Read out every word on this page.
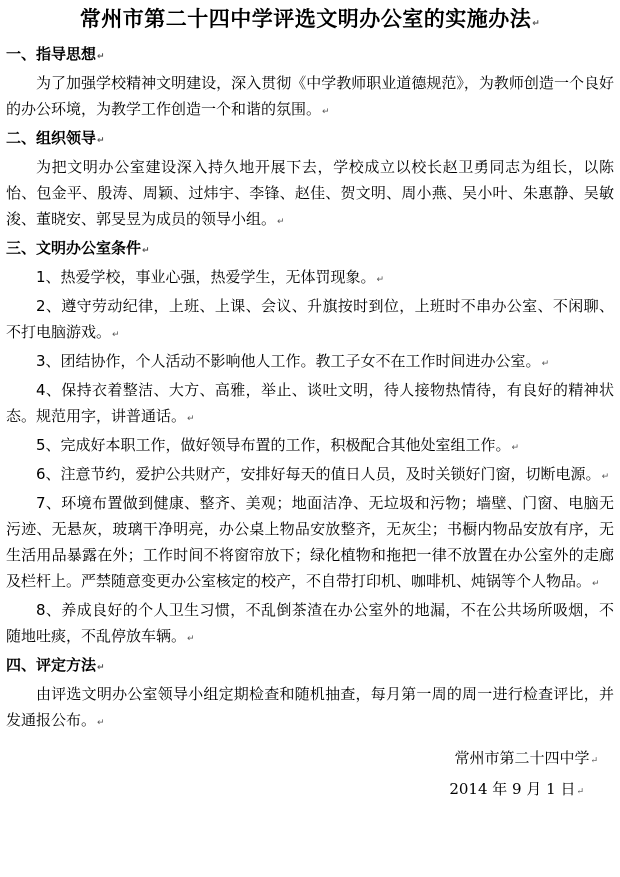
常州市第二十四中学评选文明办公室的实施办法 ↵

一、指导思想 ↵

为了加强学校精神文明建设，深入贯彻《中学教师职业道德规范》，为教师创造一个良好的办公环境，为教学工作创造一个和谐的氛围。 ↵

二、组织领导 ↵

为把文明办公室建设深入持久地开展下去，学校成立以校长赵卫勇同志为组长，以陈怡、包金平、殷涛、周颖、过炜宇、李锋、赵佳、贺文明、周小燕、吴小叶、朱惠静、吴敏浚、董晓安、郭旻昱为成员的领导小组。 ↵

三、文明办公室条件 ↵

1、热爱学校，事业心强，热爱学生，无体罚现象。 ↵

2、遵守劳动纪律，上班、上课、会议、升旗按时到位，上班时不串办公室、不闲聊、不打电脑游戏。 ↵

3、团结协作，个人活动不影响他人工作。教工子女不在工作时间进办公室。 ↵

4、保持衣着整洁、大方、高雅，举止、谈吐文明，待人接物热情待，有良好的精神状态。规范用字，讲普通话。 ↵

5、完成好本职工作，做好领导布置的工作，积极配合其他处室组工作。 ↵

6、注意节约，爱护公共财产，安排好每天的值日人员，及时关锁好门窗，切断电源。 ↵

7、环境布置做到健康、整齐、美观；地面洁净、无垃圾和污物；墙壁、门窗、电脑无污迹、无悬灰，玻璃干净明亮，办公桌上物品安放整齐，无灰尘；书橱内物品安放有序，无生活用品暴露在外；工作时间不将窗帘放下；绿化植物和拖把一律不放置在办公室外的走廊及栏杆上。严禁随意变更办公室核定的校产，不自带打印机、咖啡机、炖锅等个人物品。 ↵

8、养成良好的个人卫生习惯，不乱倒茶渣在办公室外的地漏，不在公共场所吸烟，不随地吐痰，不乱停放车辆。 ↵

四、评定方法 ↵

由评选文明办公室领导小组定期检查和随机抽查，每月第一周的周一进行检查评比，并发通报公布。 ↵

常州市第二十四中学 ↵

2014 年 9 月 1 日 ↵
